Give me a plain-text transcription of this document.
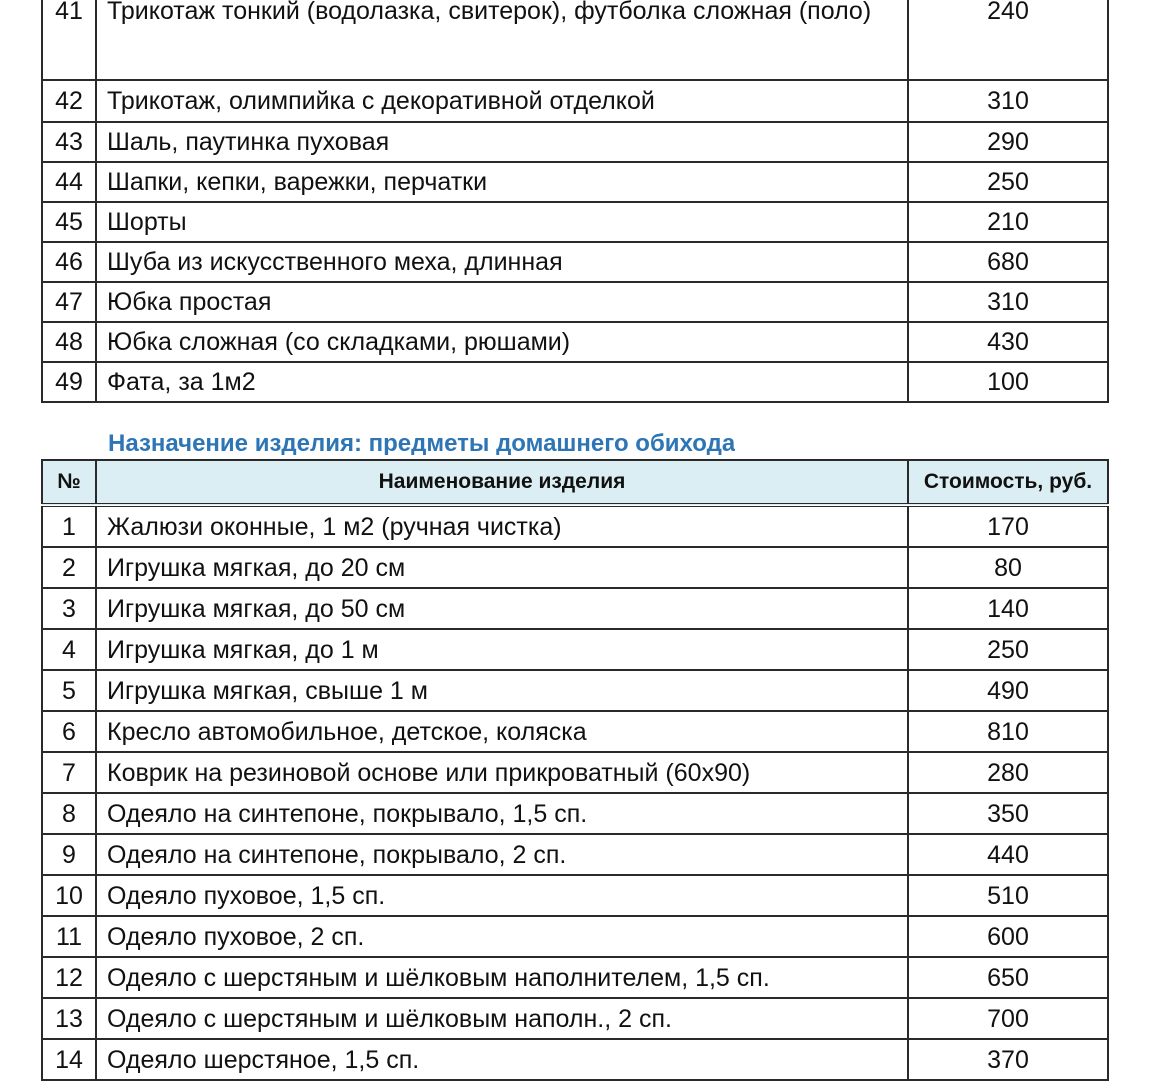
41	Трикотаж тонкий (водолазка, свитерок), футболка сложная (поло)	240
42	Трикотаж, олимпийка с декоративной отделкой	310
43	Шаль, паутинка пуховая	290
44	Шапки, кепки, варежки, перчатки	250
45	Шорты	210
46	Шуба из искусственного меха, длинная	680
47	Юбка простая	310
48	Юбка сложная (со складками, рюшами)	430
49	Фата, за 1м2	100
Назначение изделия: предметы домашнего обихода
№	Наименование изделия	Стоимость, руб.
1	Жалюзи оконные, 1 м2 (ручная чистка)	170
2	Игрушка мягкая, до 20 см	80
3	Игрушка мягкая, до 50 см	140
4	Игрушка мягкая, до 1 м	250
5	Игрушка мягкая, свыше 1 м	490
6	Кресло автомобильное, детское, коляска	810
7	Коврик на резиновой основе или прикроватный (60х90)	280
8	Одеяло на синтепоне, покрывало, 1,5 сп.	350
9	Одеяло на синтепоне, покрывало, 2 сп.	440
10	Одеяло пуховое, 1,5 сп.	510
11	Одеяло пуховое, 2 сп.	600
12	Одеяло с шерстяным и шёлковым наполнителем, 1,5 сп.	650
13	Одеяло с шерстяным и шёлковым наполн., 2 сп.	700
14	Одеяло шерстяное, 1,5 сп.	370
